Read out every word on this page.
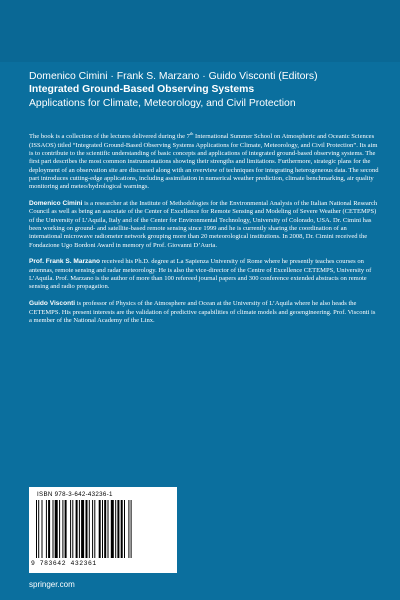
Domenico Cimini · Frank S. Marzano · Guido Visconti (Editors)
Integrated Ground-Based Observing Systems
Applications for Climate, Meteorology, and Civil Protection

The book is a collection of the lectures delivered during the 7th International Summer School on Atmospheric and Oceanic Sciences (ISSAOS) titled “Integrated Ground-Based Observing Systems Applications for Climate, Meteorology, and Civil Protection”. Its aim is to contribute to the scientific understanding of basic concepts and applications of integrated ground-based observing systems. The first part describes the most common instrumentations showing their strengths and limitations. Furthermore, strategic plans for the deployment of an observation site are discussed along with an overview of techniques for integrating heterogeneous data. The second part introduces cutting-edge applications, including assimilation in numerical weather prediction, climate benchmarking, air quality monitoring and meteo/hydrological warnings.

Domenico Cimini is a researcher at the Institute of Methodologies for the Environmental Analysis of the Italian National Research Council as well as being an associate of the Center of Excellence for Remote Sensing and Modeling of Severe Weather (CETEMPS) of the University of L’Aquila, Italy and of the Center for Environmental Technology, University of Colorado, USA. Dr. Cimini has been working on ground- and satellite-based remote sensing since 1999 and he is currently sharing the coordination of an international microwave radiometer network grouping more than 20 meteorological institutions. In 2008, Dr. Cimini received the Fondazione Ugo Bordoni Award in memory of Prof. Giovanni D’Auria.

Prof. Frank S. Marzano received his Ph.D. degree at La Sapienza University of Rome where he presently teaches courses on antennas, remote sensing and radar meteorology. He is also the vice-director of the Centre of Excellence CETEMPS, University of L’Aquila. Prof. Marzano is the author of more than 100 refereed journal papers and 300 conference extended abstracts on remote sensing and radio propagation.

Guido Visconti is professor of Physics of the Atmosphere and Ocean at the University of L’Aquila where he also heads the CETEMPS. His present interests are the validation of predictive capabilities of climate models and geoengineering. Prof. Visconti is a member of the National Academy of the Linx.

ISBN 978-3-642-43236-1
9 783642 432361
springer.com
